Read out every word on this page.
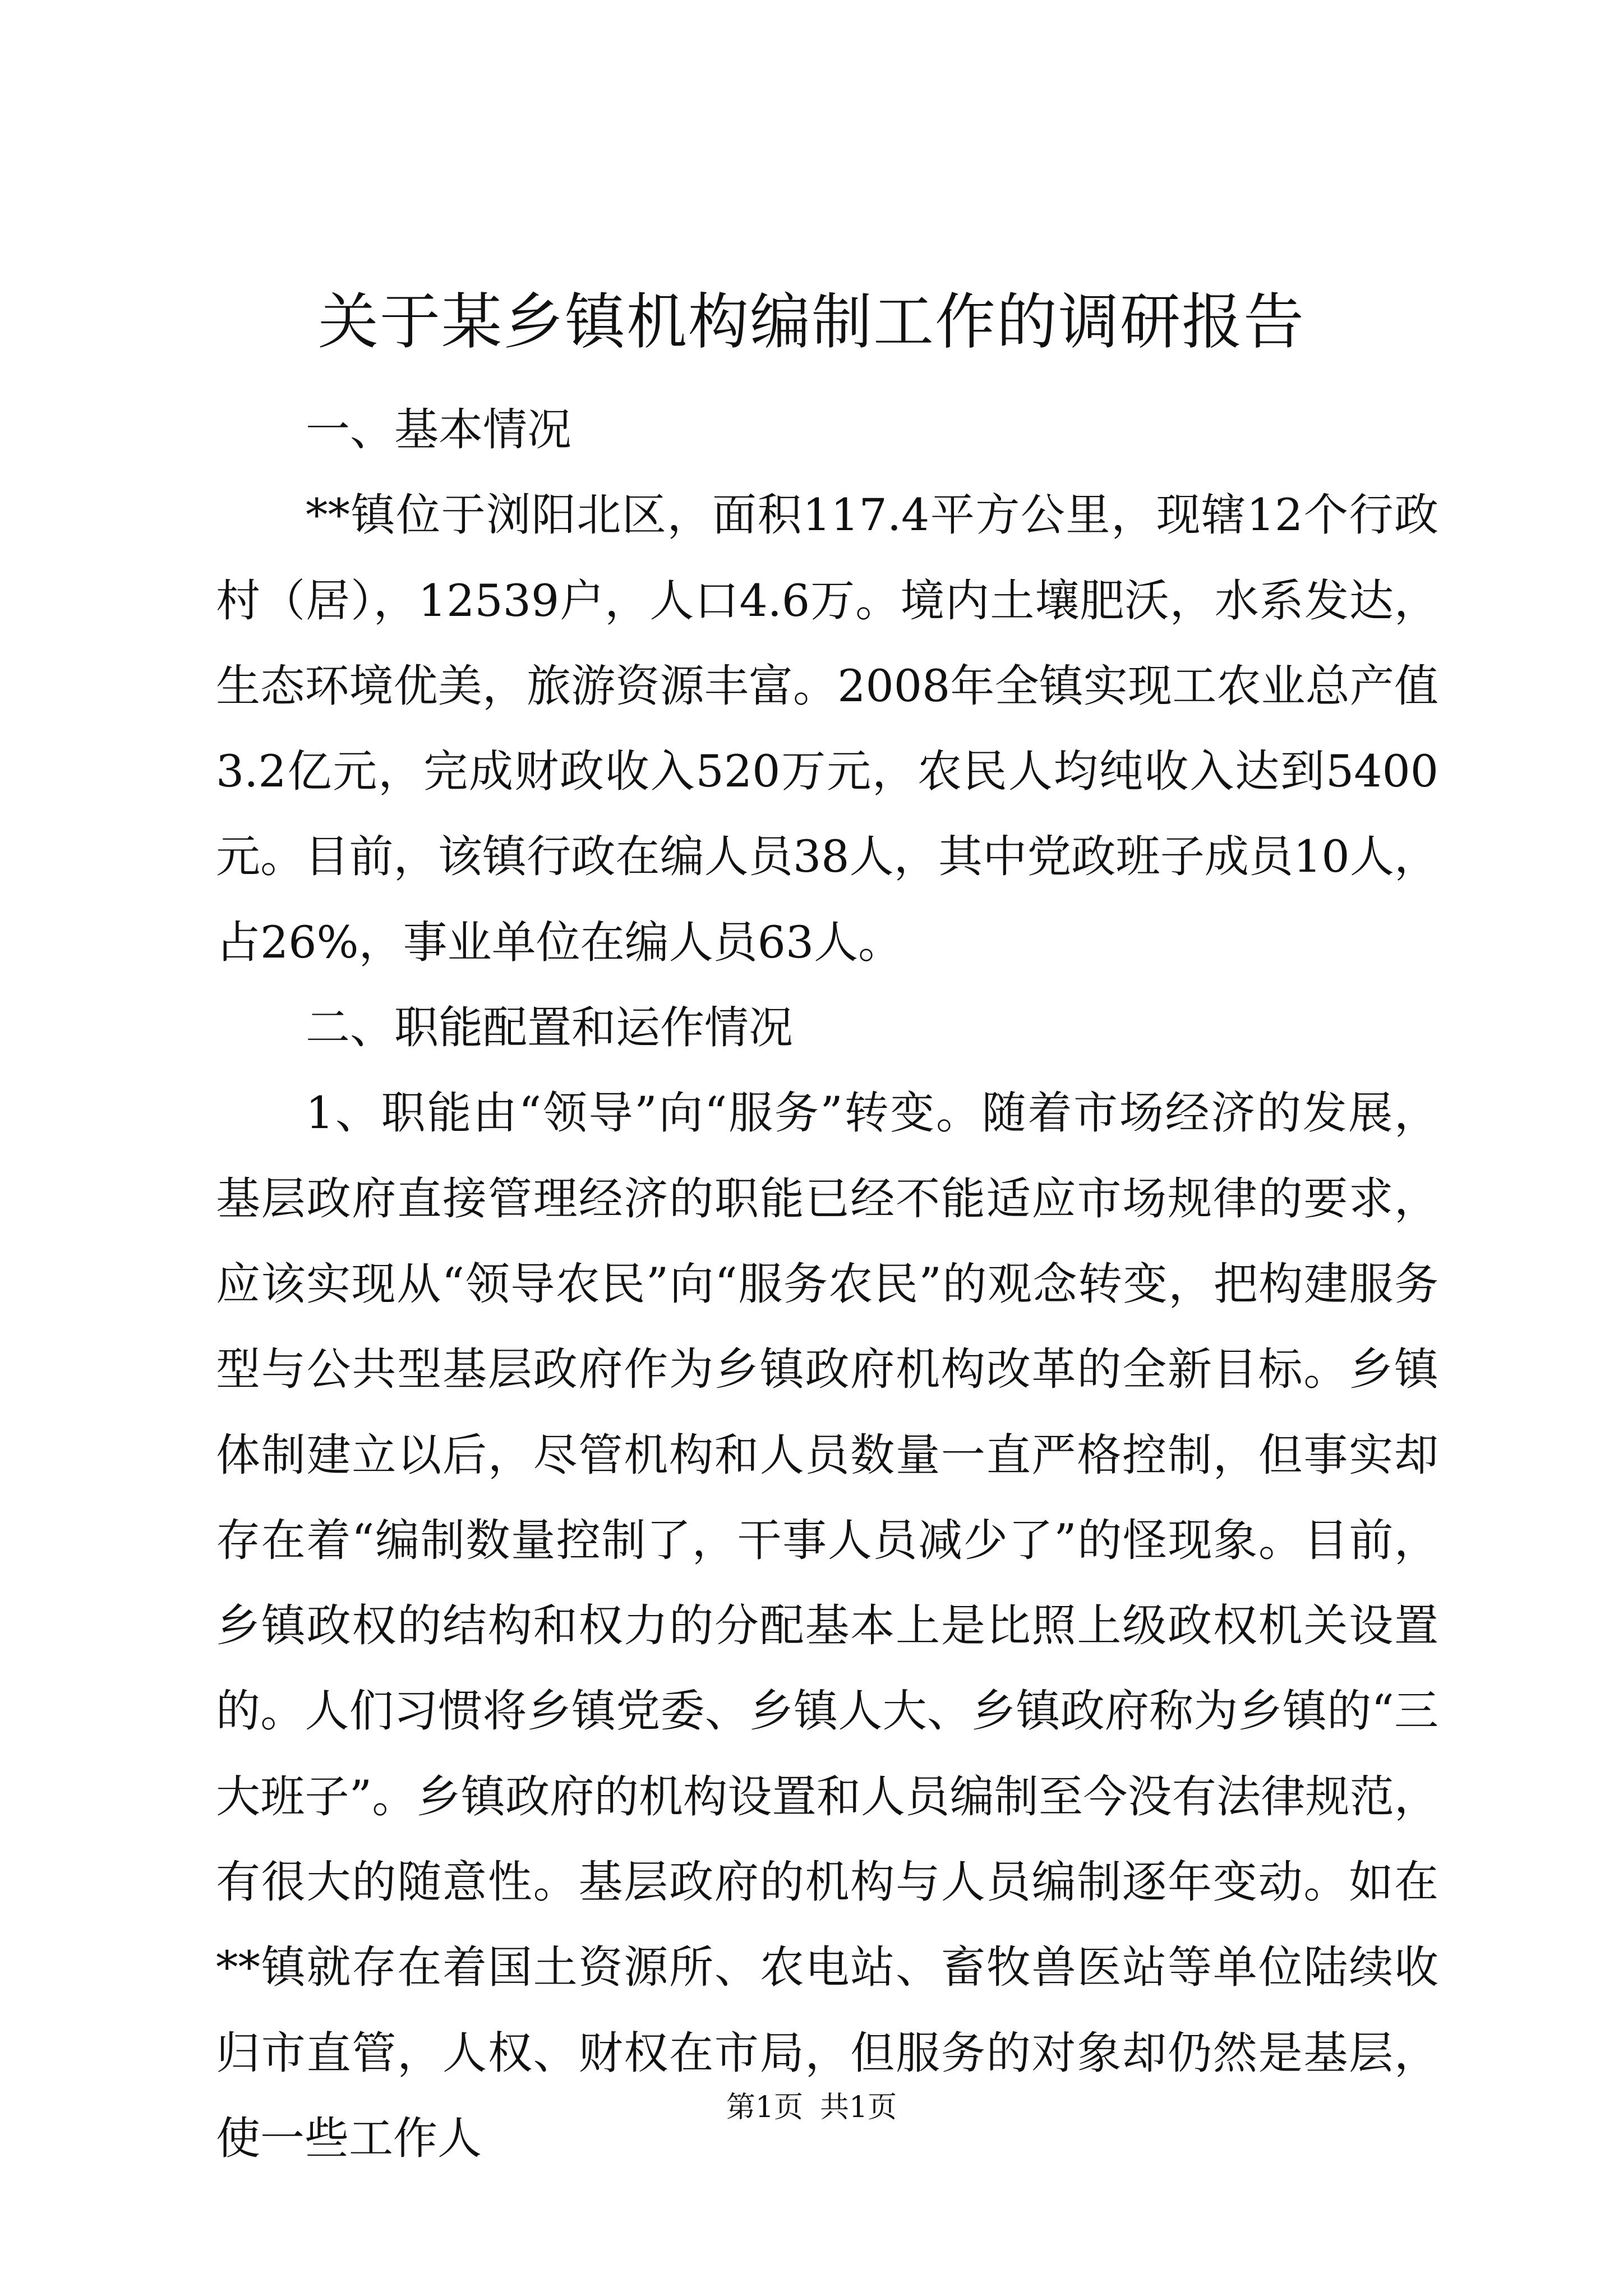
关于某乡镇机构编制工作的调研报告

一、基本情况

**镇位于浏阳北区，面积117.4平方公里，现辖12个行政村（居），12539户，人口4.6万。境内土壤肥沃，水系发达，生态环境优美，旅游资源丰富。2008年全镇实现工农业总产值3.2亿元，完成财政收入520万元，农民人均纯收入达到5400元。目前，该镇行政在编人员38人，其中党政班子成员10人，占26%，事业单位在编人员63人。

二、职能配置和运作情况

1、职能由“领导”向“服务”转变。随着市场经济的发展，基层政府直接管理经济的职能已经不能适应市场规律的要求，应该实现从“领导农民”向“服务农民”的观念转变，把构建服务型与公共型基层政府作为乡镇政府机构改革的全新目标。乡镇体制建立以后，尽管机构和人员数量一直严格控制，但事实却存在着“编制数量控制了，干事人员减少了”的怪现象。目前，乡镇政权的结构和权力的分配基本上是比照上级政权机关设置的。人们习惯将乡镇党委、乡镇人大、乡镇政府称为乡镇的“三大班子”。乡镇政府的机构设置和人员编制至今没有法律规范，有很大的随意性。基层政府的机构与人员编制逐年变动。如在**镇就存在着国土资源所、农电站、畜牧兽医站等单位陆续收归市直管，人权、财权在市局，但服务的对象却仍然是基层，使一些工作人

第1页 共1页
